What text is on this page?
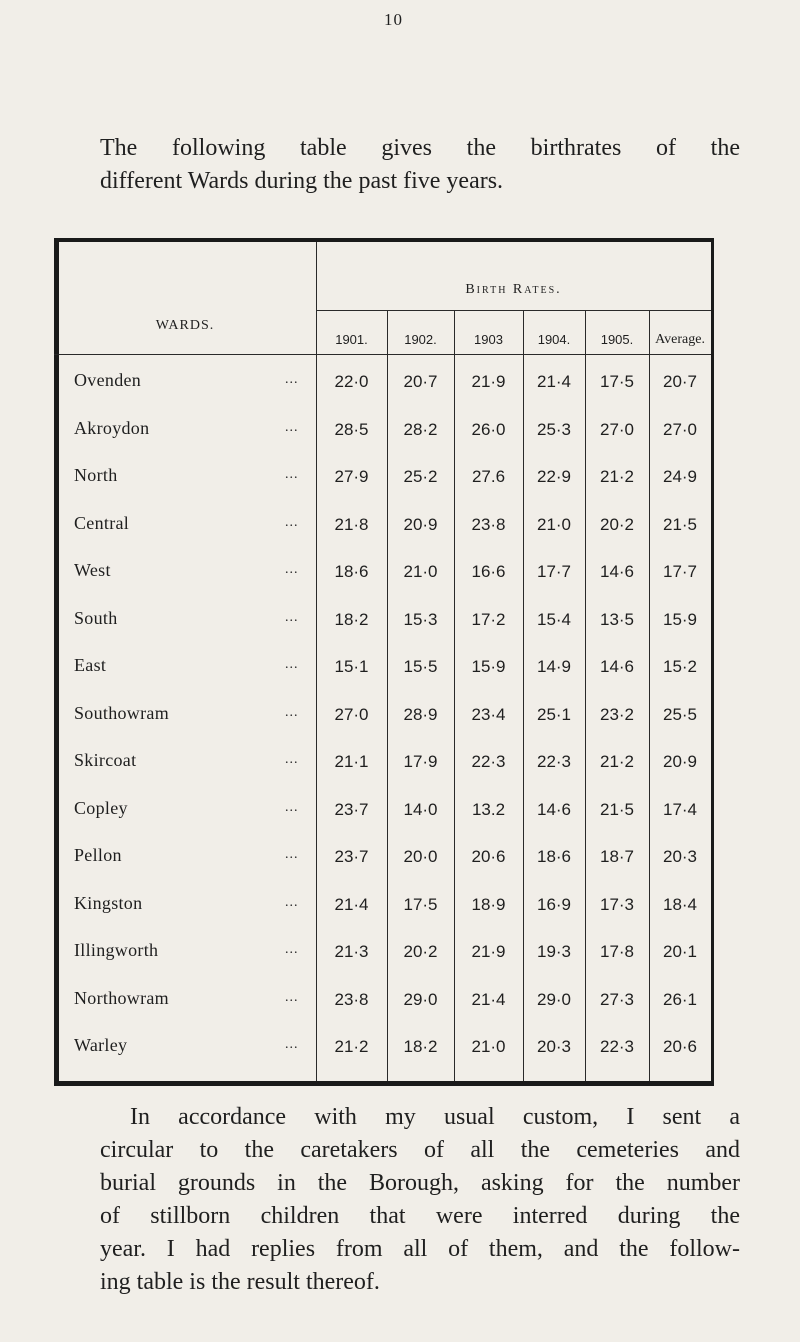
10
The following table gives the birthrates of the
different Wards during the past five years.
WARDS.
Birth Rates.
1901.	1902.	1903	1904.	1905.	Average.
Ovenden	...	22·0	20·7	21·9	21·4	17·5	20·7
Akroydon	...	28·5	28·2	26·0	25·3	27·0	27·0
North	...	27·9	25·2	27.6	22·9	21·2	24·9
Central	...	21·8	20·9	23·8	21·0	20·2	21·5
West	...	18·6	21·0	16·6	17·7	14·6	17·7
South	...	18·2	15·3	17·2	15·4	13·5	15·9
East	...	15·1	15·5	15·9	14·9	14·6	15·2
Southowram	...	27·0	28·9	23·4	25·1	23·2	25·5
Skircoat	...	21·1	17·9	22·3	22·3	21·2	20·9
Copley	...	23·7	14·0	13.2	14·6	21·5	17·4
Pellon	...	23·7	20·0	20·6	18·6	18·7	20·3
Kingston	...	21·4	17·5	18·9	16·9	17·3	18·4
Illingworth	...	21·3	20·2	21·9	19·3	17·8	20·1
Northowram	...	23·8	29·0	21·4	29·0	27·3	26·1
Warley	...	21·2	18·2	21·0	20·3	22·3	20·6
In accordance with my usual custom, I sent a
circular to the caretakers of all the cemeteries and
burial grounds in the Borough, asking for the number
of stillborn children that were interred during the
year. I had replies from all of them, and the follow-
ing table is the result thereof.
